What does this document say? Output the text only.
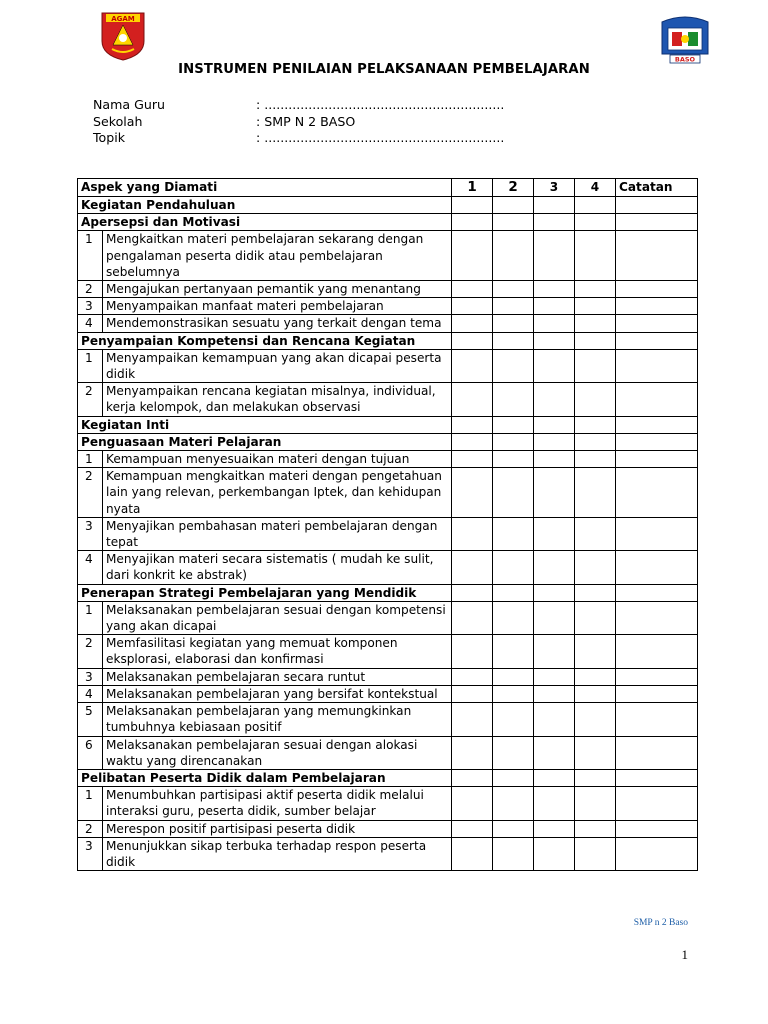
AGAM
BASO
INSTRUMEN PENILAIAN PELAKSANAAN PEMBELAJARAN
Nama Guru	: ............................................................
Sekolah	: SMP N 2 BASO
Topik	: ............................................................
Aspek yang Diamati		1	2	3	4	Catatan
Kegiatan Pendahuluan						
Apersepsi dan Motivasi						
1	Mengkaitkan materi pembelajaran sekarang dengan pengalaman peserta didik atau pembelajaran sebelumnya					
2	Mengajukan pertanyaan pemantik yang menantang					
3	Menyampaikan manfaat materi pembelajaran					
4	Mendemonstrasikan sesuatu yang terkait dengan tema					
Penyampaian Kompetensi dan Rencana Kegiatan						
1	Menyampaikan kemampuan yang akan dicapai peserta didik					
2	Menyampaikan rencana kegiatan misalnya, individual, kerja kelompok, dan melakukan observasi					
Kegiatan Inti						
Penguasaan Materi Pelajaran						
1	Kemampuan menyesuaikan materi dengan tujuan					
2	Kemampuan mengkaitkan materi dengan pengetahuan lain yang relevan, perkembangan Iptek, dan kehidupan nyata					
3	Menyajikan pembahasan materi pembelajaran dengan tepat					
4	Menyajikan materi secara sistematis ( mudah ke sulit, dari konkrit ke abstrak)					
Penerapan Strategi Pembelajaran yang Mendidik						
1	Melaksanakan pembelajaran sesuai dengan kompetensi yang akan dicapai					
2	Memfasilitasi kegiatan yang memuat komponen eksplorasi, elaborasi dan konfirmasi					
3	Melaksanakan pembelajaran secara runtut					
4	Melaksanakan pembelajaran yang bersifat kontekstual					
5	Melaksanakan pembelajaran yang memungkinkan tumbuhnya kebiasaan positif					
6	Melaksanakan pembelajaran sesuai dengan alokasi waktu yang direncanakan					
Pelibatan Peserta Didik dalam Pembelajaran						
1	Menumbuhkan partisipasi aktif peserta didik melalui interaksi guru, peserta didik, sumber belajar					
2	Merespon positif partisipasi peserta didik					
3	Menunjukkan sikap terbuka terhadap respon peserta didik					
SMP n 2 Baso
1
